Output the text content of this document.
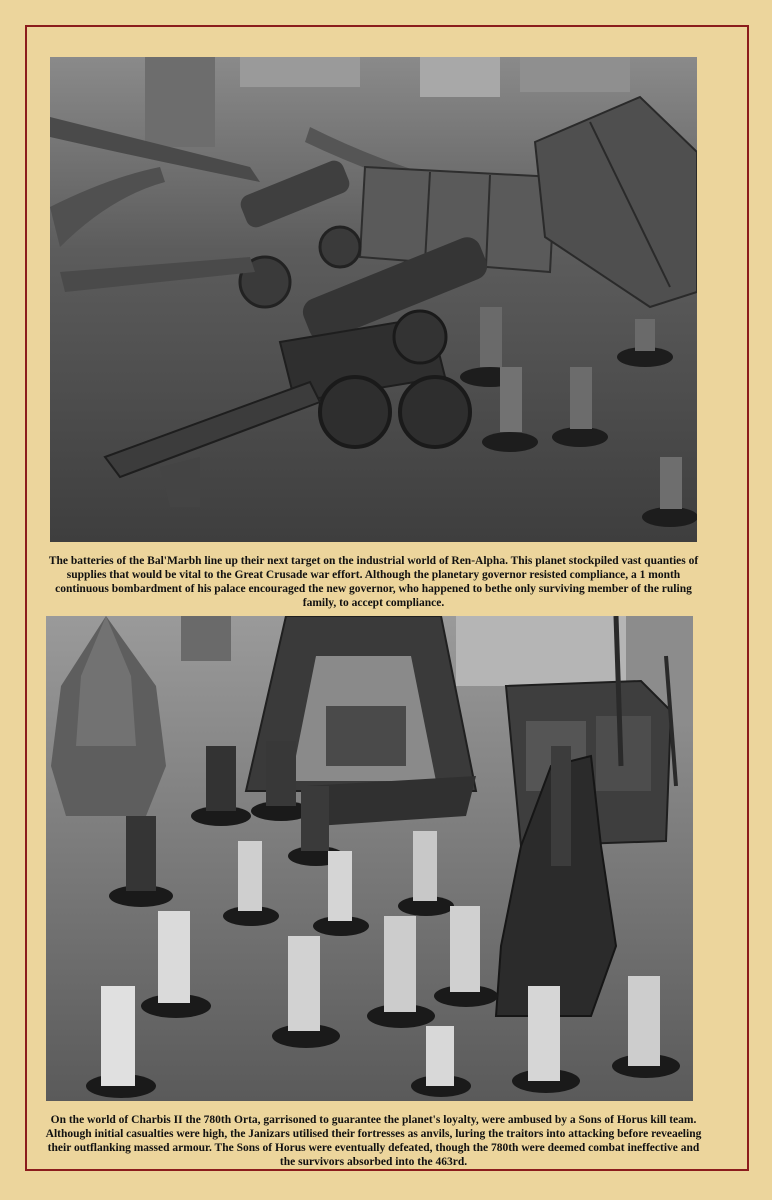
The batteries of the Bal'Marbh line up their next target on the industrial world of Ren-Alpha. This planet stockpiled vast quanties of supplies that would be vital to the Great Crusade war effort. Although the planetary governor resisted compliance, a 1 month continuous bombardment of his palace encouraged the new governor, who happened to bethe only surviving member of the ruling family, to accept compliance.

On the world of Charbis II the 780th Orta, garrisoned to guarantee the planet's loyalty, were ambused by a Sons of Horus kill team. Although initial casualties were high, the Janizars utilised their fortresses as anvils, luring the traitors into attacking before reveaeling their outflanking massed armour. The Sons of Horus were eventually defeated, though the 780th were deemed combat ineffective and the survivors absorbed into the 463rd.
